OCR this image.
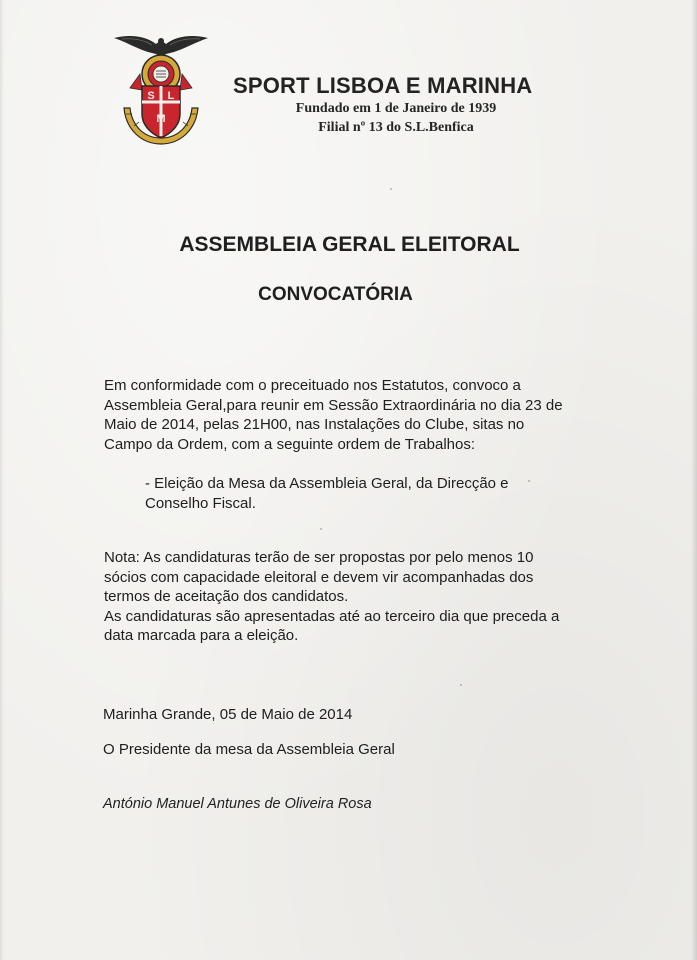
S L
M
SPORT LISBOA E MARINHA
Fundado em 1 de Janeiro de 1939
Filial nº 13 do S.L.Benfica
ASSEMBLEIA GERAL ELEITORAL
CONVOCATÓRIA
Em conformidade com o preceituado nos Estatutos, convoco a
Assembleia Geral,para reunir em Sessão Extraordinária no dia 23 de
Maio de 2014, pelas 21H00, nas Instalações do Clube, sitas no
Campo da Ordem, com a seguinte ordem de Trabalhos:
- Eleição da Mesa da Assembleia Geral, da Direcção e
Conselho Fiscal.
Nota: As candidaturas terão de ser propostas por pelo menos 10
sócios com capacidade eleitoral e devem vir acompanhadas dos
termos de aceitação dos candidatos.
As candidaturas são apresentadas até ao terceiro dia que preceda a
data marcada para a eleição.
Marinha Grande, 05 de Maio de 2014
O Presidente da mesa da Assembleia Geral
António Manuel Antunes de Oliveira Rosa
